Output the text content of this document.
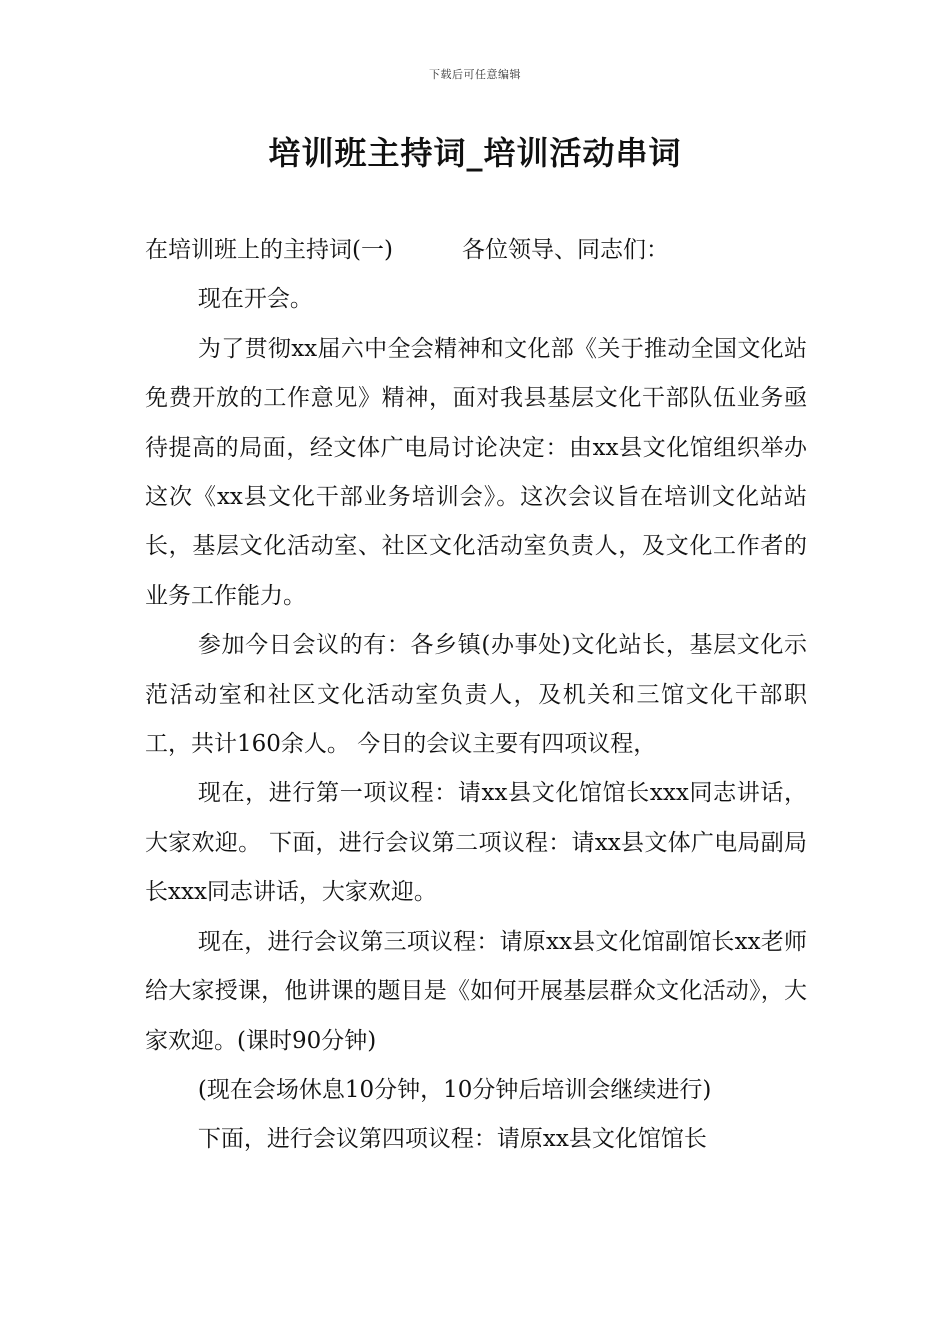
下载后可任意编辑
培训班主持词_培训活动串词

在培训班上的主持词(一)　　　各位领导、同志们：

现在开会。

为了贯彻xx届六中全会精神和文化部《关于推动全国文化站免费开放的工作意见》精神，面对我县基层文化干部队伍业务亟待提高的局面，经文体广电局讨论决定：由xx县文化馆组织举办这次《xx县文化干部业务培训会》。这次会议旨在培训文化站站长，基层文化活动室、社区文化活动室负责人，及文化工作者的业务工作能力。

参加今日会议的有：各乡镇(办事处)文化站长，基层文化示范活动室和社区文化活动室负责人，及机关和三馆文化干部职工，共计160余人。 今日的会议主要有四项议程，

现在，进行第一项议程：请xx县文化馆馆长xxx同志讲话，大家欢迎。 下面，进行会议第二项议程：请xx县文体广电局副局长xxx同志讲话，大家欢迎。

现在，进行会议第三项议程：请原xx县文化馆副馆长xx老师给大家授课，他讲课的题目是《如何开展基层群众文化活动》，大家欢迎。(课时90分钟)

(现在会场休息10分钟，10分钟后培训会继续进行)

下面，进行会议第四项议程：请原xx县文化馆馆长
